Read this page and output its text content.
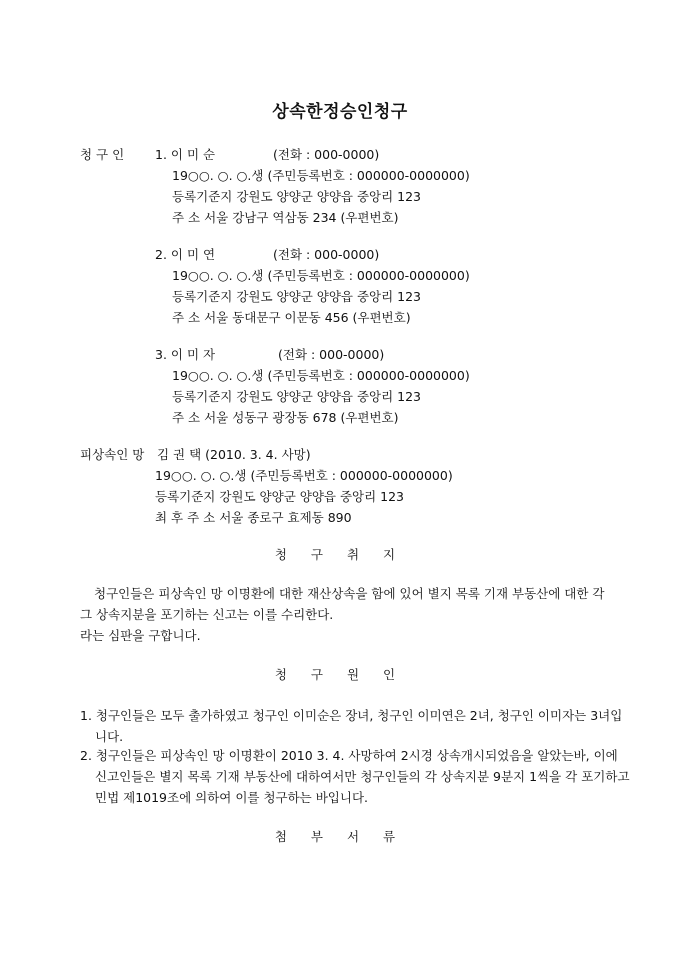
상속한정승인청구
청 구 인 1. 이 미 순	(전화 : 000-0000)
19○○. ○. ○.생 (주민등록번호 : 000000-0000000)
등록기준지 강원도 양양군 양양읍 중앙리 123
주 소 서울 강남구 역삼동 234 (우편번호)
2. 이 미 연	(전화 : 000-0000)
19○○. ○. ○.생 (주민등록번호 : 000000-0000000)
등록기준지 강원도 양양군 양양읍 중앙리 123
주 소 서울 동대문구 이문동 456 (우편번호)
3. 이 미 자	(전화 : 000-0000)
19○○. ○. ○.생 (주민등록번호 : 000000-0000000)
등록기준지 강원도 양양군 양양읍 중앙리 123
주 소 서울 성동구 광장동 678 (우편번호)
피상속인 망 김 권 택 (2010. 3. 4. 사망)
19○○. ○. ○.생 (주민등록번호 : 000000-0000000)
등록기준지 강원도 양양군 양양읍 중앙리 123
최 후 주 소 서울 종로구 효제동 890
청 구 취 지
청구인들은 피상속인 망 이명환에 대한 재산상속을 함에 있어 별지 목록 기재 부동산에 대한 각 그 상속지분을 포기하는 신고는 이를 수리한다.
라는 심판을 구합니다.
청 구 원 인
1. 청구인들은 모두 출가하였고 청구인 이미순은 장녀, 청구인 이미연은 2녀, 청구인 이미자는 3녀입니다.
2. 청구인들은 피상속인 망 이명환이 2010 3. 4. 사망하여 2시경 상속개시되었음을 알았는바, 이에 신고인들은 별지 목록 기재 부동산에 대하여서만 청구인들의 각 상속지분 9분지 1씩을 각 포기하고 민법 제1019조에 의하여 이를 청구하는 바입니다.
첨 부 서 류
